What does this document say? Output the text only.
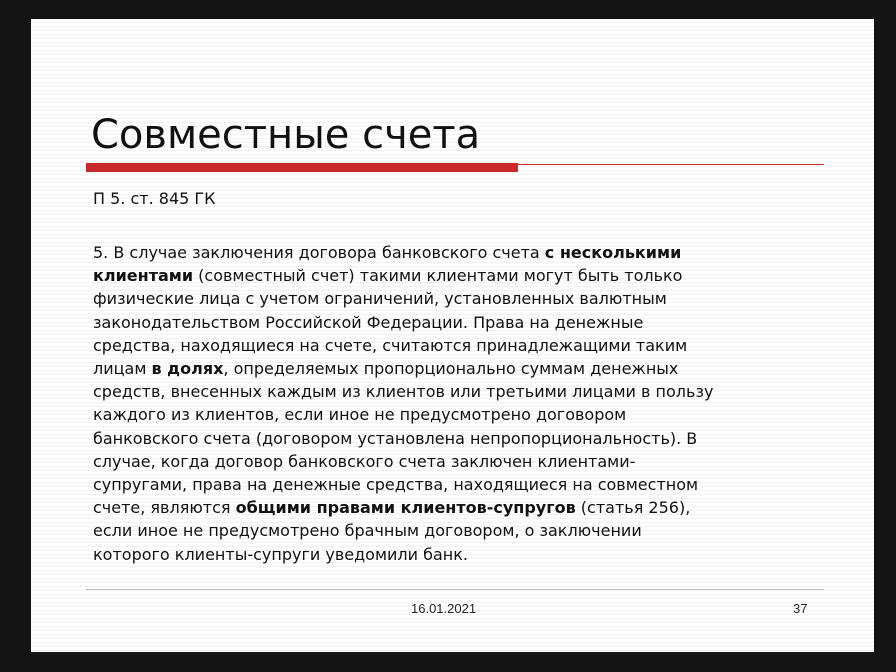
Совместные счета
П 5. ст. 845 ГК
5. В случае заключения договора банковского счета с несколькими
клиентами (совместный счет) такими клиентами могут быть только
физические лица с учетом ограничений, установленных валютным
законодательством Российской Федерации. Права на денежные
средства, находящиеся на счете, считаются принадлежащими таким
лицам в долях, определяемых пропорционально суммам денежных
средств, внесенных каждым из клиентов или третьими лицами в пользу
каждого из клиентов, если иное не предусмотрено договором
банковского счета (договором установлена непропорциональность). В
случае, когда договор банковского счета заключен клиентами-
супругами, права на денежные средства, находящиеся на совместном
счете, являются общими правами клиентов-супругов (статья 256),
если иное не предусмотрено брачным договором, о заключении
которого клиенты-супруги уведомили банк.
16.01.2021	37
